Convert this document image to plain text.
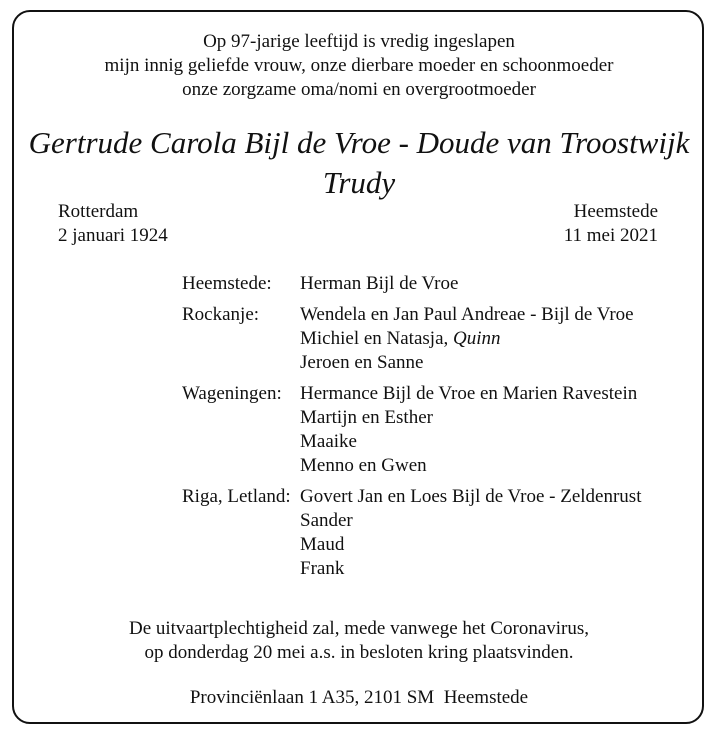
Op 97-jarige leeftijd is vredig ingeslapen
mijn innig geliefde vrouw, onze dierbare moeder en schoonmoeder
onze zorgzame oma/nomi en overgrootmoeder
Gertrude Carola Bijl de Vroe - Doude van Troostwijk
Trudy
Rotterdam
2 januari 1924
Heemstede
11 mei 2021
Heemstede:	Herman Bijl de Vroe
Rockanje:	Wendela en Jan Paul Andreae - Bijl de Vroe
Michiel en Natasja, Quinn
Jeroen en Sanne
Wageningen: Hermance Bijl de Vroe en Marien Ravestein
Martijn en Esther
Maaike
Menno en Gwen
Riga, Letland: Govert Jan en Loes Bijl de Vroe - Zeldenrust
Sander
Maud
Frank
De uitvaartplechtigheid zal, mede vanwege het Coronavirus,
op donderdag 20 mei a.s. in besloten kring plaatsvinden.
Provinciënlaan 1 A35, 2101 SM  Heemstede
